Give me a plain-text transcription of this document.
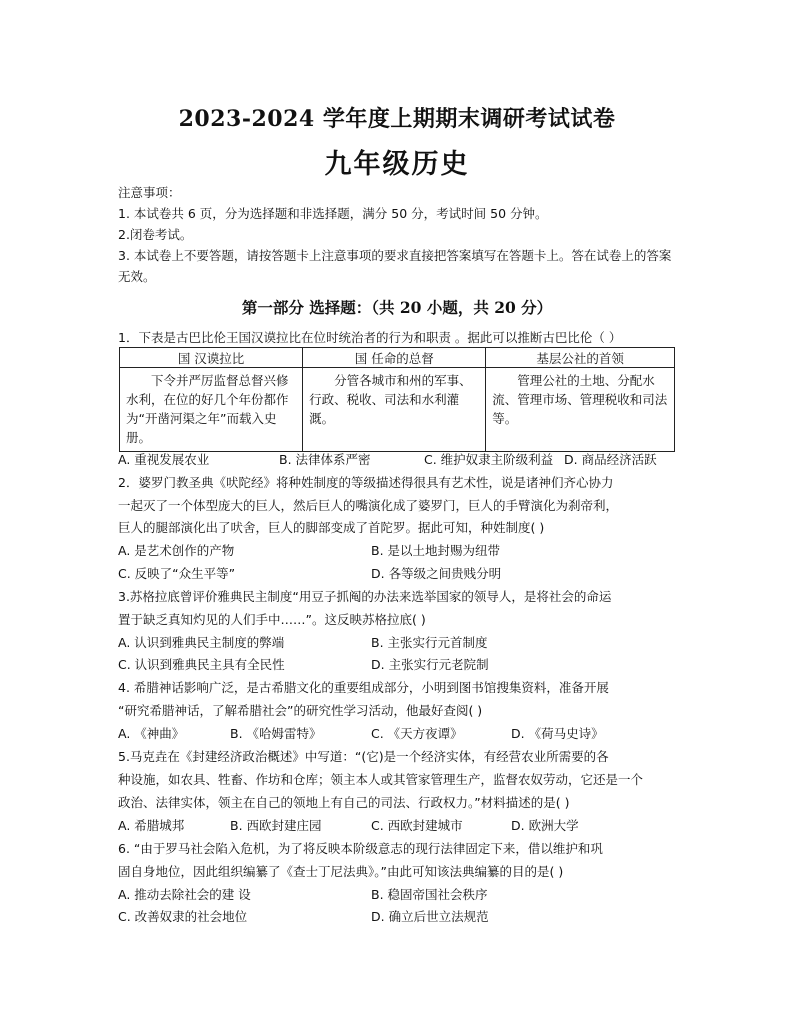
2023-2024 学年度上期期末调研考试试卷
九年级历史
注意事项：
1. 本试卷共 6 页，分为选择题和非选择题，满分 50 分，考试时间 50 分钟。
2.闭卷考试。
3. 本试卷上不要答题，请按答题卡上注意事项的要求直接把答案填写在答题卡上。答在试卷上的答案无效。
第一部分 选择题：（共 20 小题，共 20 分）
1．下表是古巴比伦王国汉谟拉比在位时统治者的行为和职责 。据此可以推断古巴比伦（ ）
国 汉谟拉比	国 任命的总督	基层公社的首领
下令并严厉监督总督兴修水利，在位的好几个年份都作为“开凿河渠之年”而载入史册。	分管各城市和州的军事、行政、税收、司法和水利灌溉。	管理公社的土地、分配水流、管理市场、管理税收和司法等。
A. 重视发展农业	B. 法律体系严密	C. 维护奴隶主阶级利益 D. 商品经济活跃
2．婆罗门教圣典《吠陀经》将种姓制度的等级描述得很具有艺术性，说是诸神们齐心协力
一起灭了一个体型庞大的巨人，然后巨人的嘴演化成了婆罗门，巨人的手臂演化为刹帝利，
巨人的腿部演化出了吠舍，巨人的脚部变成了首陀罗。据此可知，种姓制度( )
A. 是艺术创作的产物	B. 是以土地封赐为纽带
C. 反映了“众生平等”	D. 各等级之间贵贱分明
3.苏格拉底曾评价雅典民主制度“用豆子抓阄的办法来选举国家的领导人，是将社会的命运
置于缺乏真知灼见的人们手中……”。这反映苏格拉底( )
A. 认识到雅典民主制度的弊端	B. 主张实行元首制度
C. 认识到雅典民主具有全民性	D. 主张实行元老院制
4. 希腊神话影响广泛，是古希腊文化的重要组成部分，小明到图书馆搜集资料，准备开展
“研究希腊神话，了解希腊社会”的研究性学习活动，他最好查阅( )
A. 《神曲》	B. 《哈姆雷特》	C. 《天方夜谭》	D. 《荷马史诗》
5.马克垚在《封建经济政治概述》中写道：“(它)是一个经济实体，有经营农业所需要的各
种设施，如农具、牲畜、作坊和仓库；领主本人或其管家管理生产，监督农奴劳动，它还是一个
政治、法律实体，领主在自己的领地上有自己的司法、行政权力。”材料描述的是( )
A. 希腊城邦	B. 西欧封建庄园	C. 西欧封建城市	D. 欧洲大学
6. “由于罗马社会陷入危机，为了将反映本阶级意志的现行法律固定下来，借以维护和巩
固自身地位，因此组织编纂了《查士丁尼法典》。”由此可知该法典编纂的目的是( )
A. 推动去除社会的建 设	B. 稳固帝国社会秩序
C. 改善奴隶的社会地位	D. 确立后世立法规范
